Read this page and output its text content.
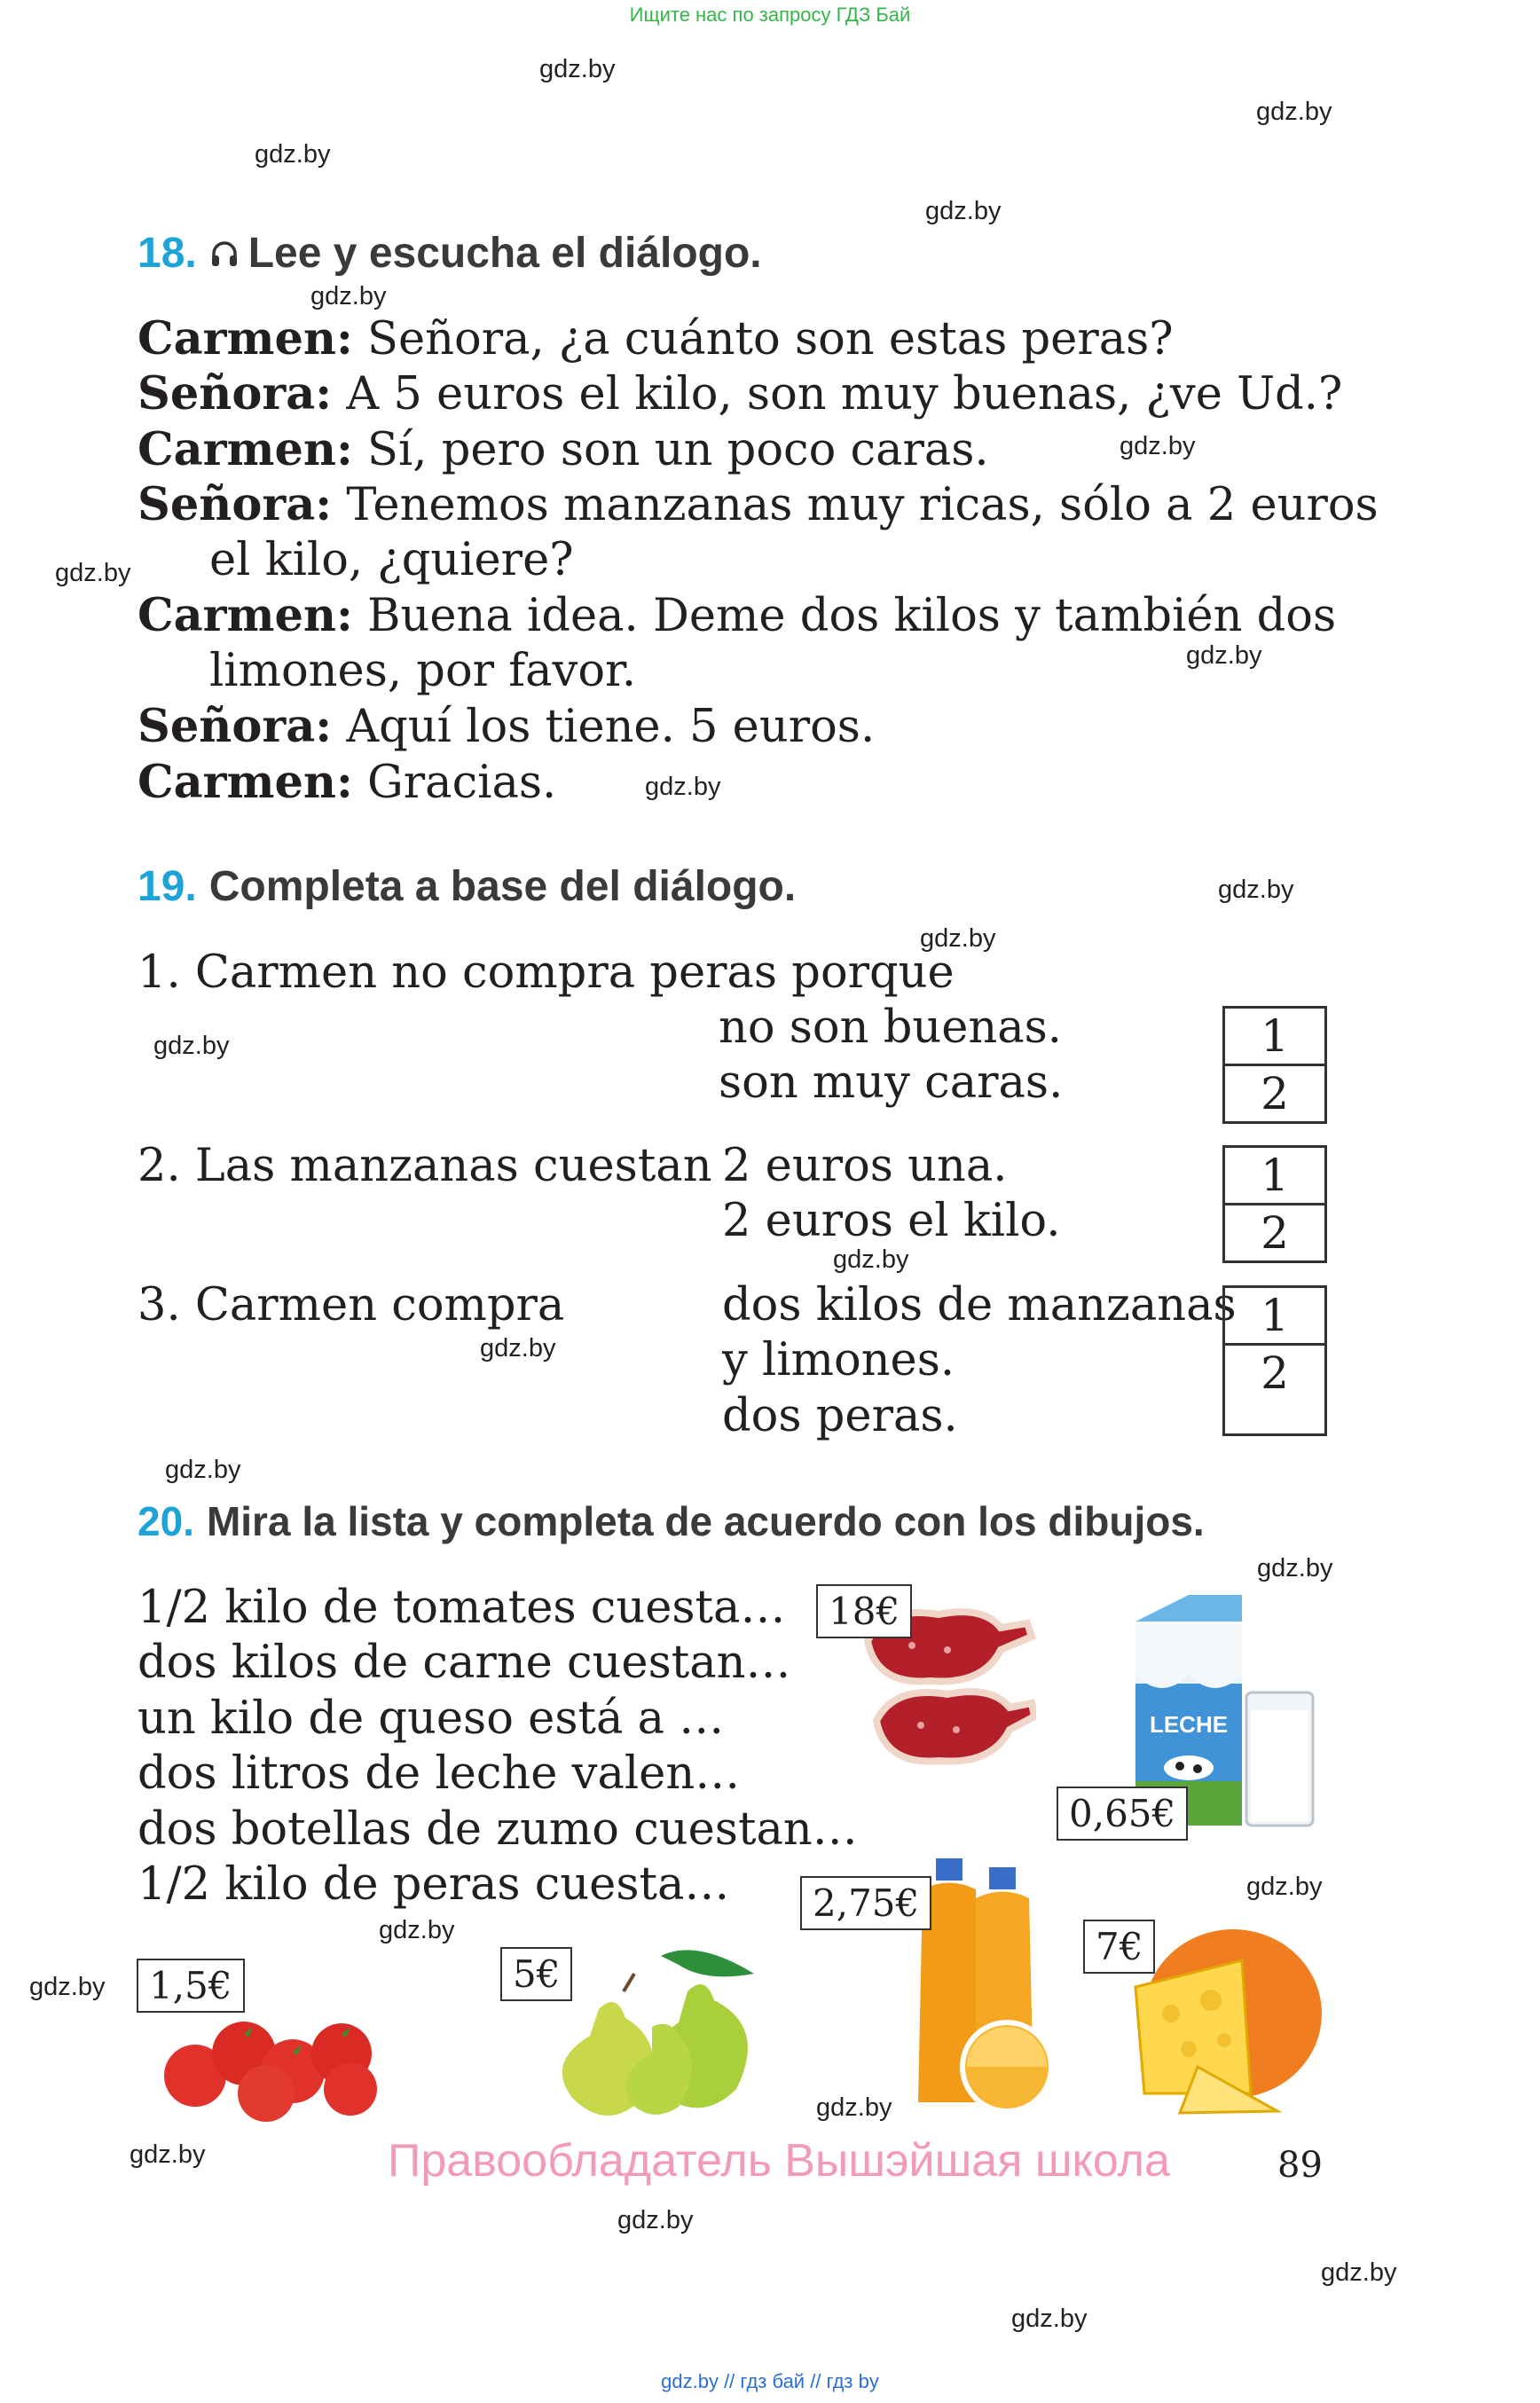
Ищите нас по запросу ГДЗ Бай
gdz.by
gdz.by
gdz.by
gdz.by
gdz.by
gdz.by
gdz.by
gdz.by
gdz.by
gdz.by
gdz.by
gdz.by
gdz.by
gdz.by
gdz.by
gdz.by
gdz.by
gdz.by
gdz.by
gdz.by
gdz.by
gdz.by
gdz.by
gdz.by
18. Lee y escucha el diálogo.
Carmen: Señora, ¿a cuánto son estas peras?
Señora: A 5 euros el kilo, son muy buenas, ¿ve Ud.?
Carmen: Sí, pero son un poco caras.
Señora: Tenemos manzanas muy ricas, sólo a 2 euros
el kilo, ¿quiere?
Carmen: Buena idea. Deme dos kilos y también dos
limones, por favor.
Señora: Aquí los tiene. 5 euros.
Carmen: Gracias.
19. Completa a base del diálogo.
1. Carmen no compra peras porque
no son buenas.
son muy caras.
1
2
2. Las manzanas cuestan 2 euros una.
2 euros el kilo.
1
2
3. Carmen compra	dos kilos de manzanas
y limones.
dos peras.
1
2
20. Mira la lista y completa de acuerdo con los dibujos.
1/2 kilo de tomates cuesta…
dos kilos de carne cuestan…
un kilo de queso está a …
dos litros de leche valen…
dos botellas de zumo cuestan…
1/2 kilo de peras cuesta…
18€
LECHE
0,65€
2,75€
7€
1,5€	5€
Правообладатель Вышэйшая школа	89
gdz.by // гдз бай // гдз by
